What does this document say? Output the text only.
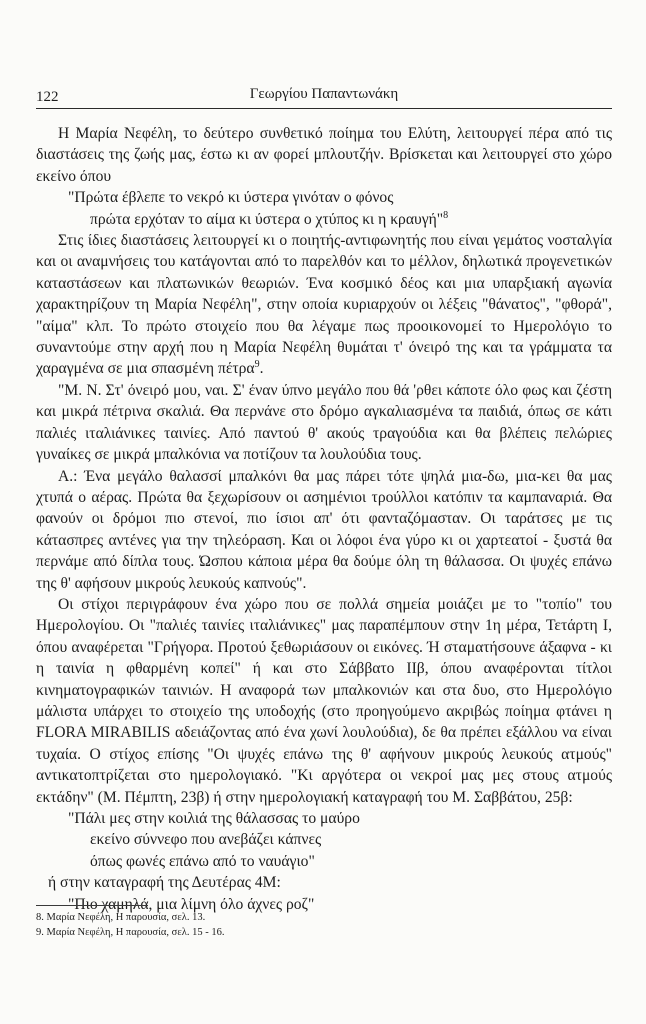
122	Γεωργίου Παπαντωνάκη

Η Μαρία Νεφέλη, το δεύτερο συνθετικό ποίημα του Ελύτη, λειτουργεί πέρα από τις διαστάσεις της ζωής μας, έστω κι αν φορεί μπλουτζήν. Βρίσκεται και λειτουργεί στο χώρο εκείνο όπου

"Πρώτα έβλεπε το νεκρό κι ύστερα γινόταν ο φόνος

πρώτα ερχόταν το αίμα κι ύστερα ο χτύπος κι η κραυγή"$^8$

Στις ίδιες διαστάσεις λειτουργεί κι ο ποιητής-αντιφωνητής που είναι γεμάτος νοσταλγία και οι αναμνήσεις του κατάγονται από το παρελθόν και το μέλλον, δηλωτικά προγενετικών καταστάσεων και πλατωνικών θεωριών. Ένα κοσμικό δέος και μια υπαρξιακή αγωνία χαρακτηρίζουν τη Μαρία Νεφέλη", στην οποία κυριαρχούν οι λέξεις "θάνατος", "φθορά", "αίμα" κλπ. Το πρώτο στοιχείο που θα λέγαμε πως προοικονομεί το Ημερολόγιο το συναντούμε στην αρχή που η Μαρία Νεφέλη θυμάται τ' όνειρό της και τα γράμματα τα χαραγμένα σε μια σπασμένη πέτρα$^9$.

"Μ. Ν. Στ' όνειρό μου, ναι. Σ' έναν ύπνο μεγάλο που θά 'ρθει κάποτε όλο φως και ζέστη και μικρά πέτρινα σκαλιά. Θα περνάνε στο δρόμο αγκαλιασμένα τα παιδιά, όπως σε κάτι παλιές ιταλιάνικες ταινίες. Από παντού θ' ακούς τραγούδια και θα βλέπεις πελώριες γυναίκες σε μικρά μπαλκόνια να ποτίζουν τα λουλούδια τους.

Α.: Ένα μεγάλο θαλασσί μπαλκόνι θα μας πάρει τότε ψηλά μια-δω, μια-κει θα μας χτυπά ο αέρας. Πρώτα θα ξεχωρίσουν οι ασημένιοι τρούλλοι κατόπιν τα καμπαναριά. Θα φανούν οι δρόμοι πιο στενοί, πιο ίσιοι απ' ότι φανταζόμασταν. Οι ταράτσες με τις κάτασπρες αντένες για την τηλεόραση. Και οι λόφοι ένα γύρο κι οι χαρτεατοί - ξυστά θα περνάμε από δίπλα τους. Ώσπου κάποια μέρα θα δούμε όλη τη θάλασσα. Οι ψυχές επάνω της θ' αφήσουν μικρούς λευκούς καπνούς".

Οι στίχοι περιγράφουν ένα χώρο που σε πολλά σημεία μοιάζει με το "τοπίο" του Ημερολογίου. Οι "παλιές ταινίες ιταλιάνικες" μας παραπέμπουν στην 1η μέρα, Τετάρτη Ι, όπου αναφέρεται "Γρήγορα. Προτού ξεθωριάσουν οι εικόνες. Ή σταματήσουνε άξαφνα - κι η ταινία η φθαρμένη κοπεί" ή και στο Σάββατο ΙΙβ, όπου αναφέρονται τίτλοι κινηματογραφικών ταινιών. Η αναφορά των μπαλκονιών και στα δυο, στο Ημερολόγιο μάλιστα υπάρχει το στοιχείο της υποδοχής (στο προηγούμενο ακριβώς ποίημα φτάνει η FLORA MIRABILIS αδειάζοντας από ένα χωνί λουλούδια), δε θα πρέπει εξάλλου να είναι τυχαία. Ο στίχος επίσης "Οι ψυχές επάνω της θ' αφήνουν μικρούς λευκούς ατμούς" αντικατοπτρίζεται στο ημερολογιακό. "Κι αργότερα οι νεκροί μας μες στους ατμούς εκτάδην" (Μ. Πέμπτη, 23β) ή στην ημερολογιακή καταγραφή του Μ. Σαββάτου, 25β:

"Πάλι μες στην κοιλιά της θάλασσας το μαύρο

εκείνο σύννεφο που ανεβάζει κάπνες

όπως φωνές επάνω από το ναυάγιο"

ή στην καταγραφή της Δευτέρας 4Μ:

"Πιο χαμηλά, μια λίμνη όλο άχνες ροζ"

8. Μαρία Νεφέλη, Η παρουσία, σελ. 13.
9. Μαρία Νεφέλη, Η παρουσία, σελ. 15 - 16.
